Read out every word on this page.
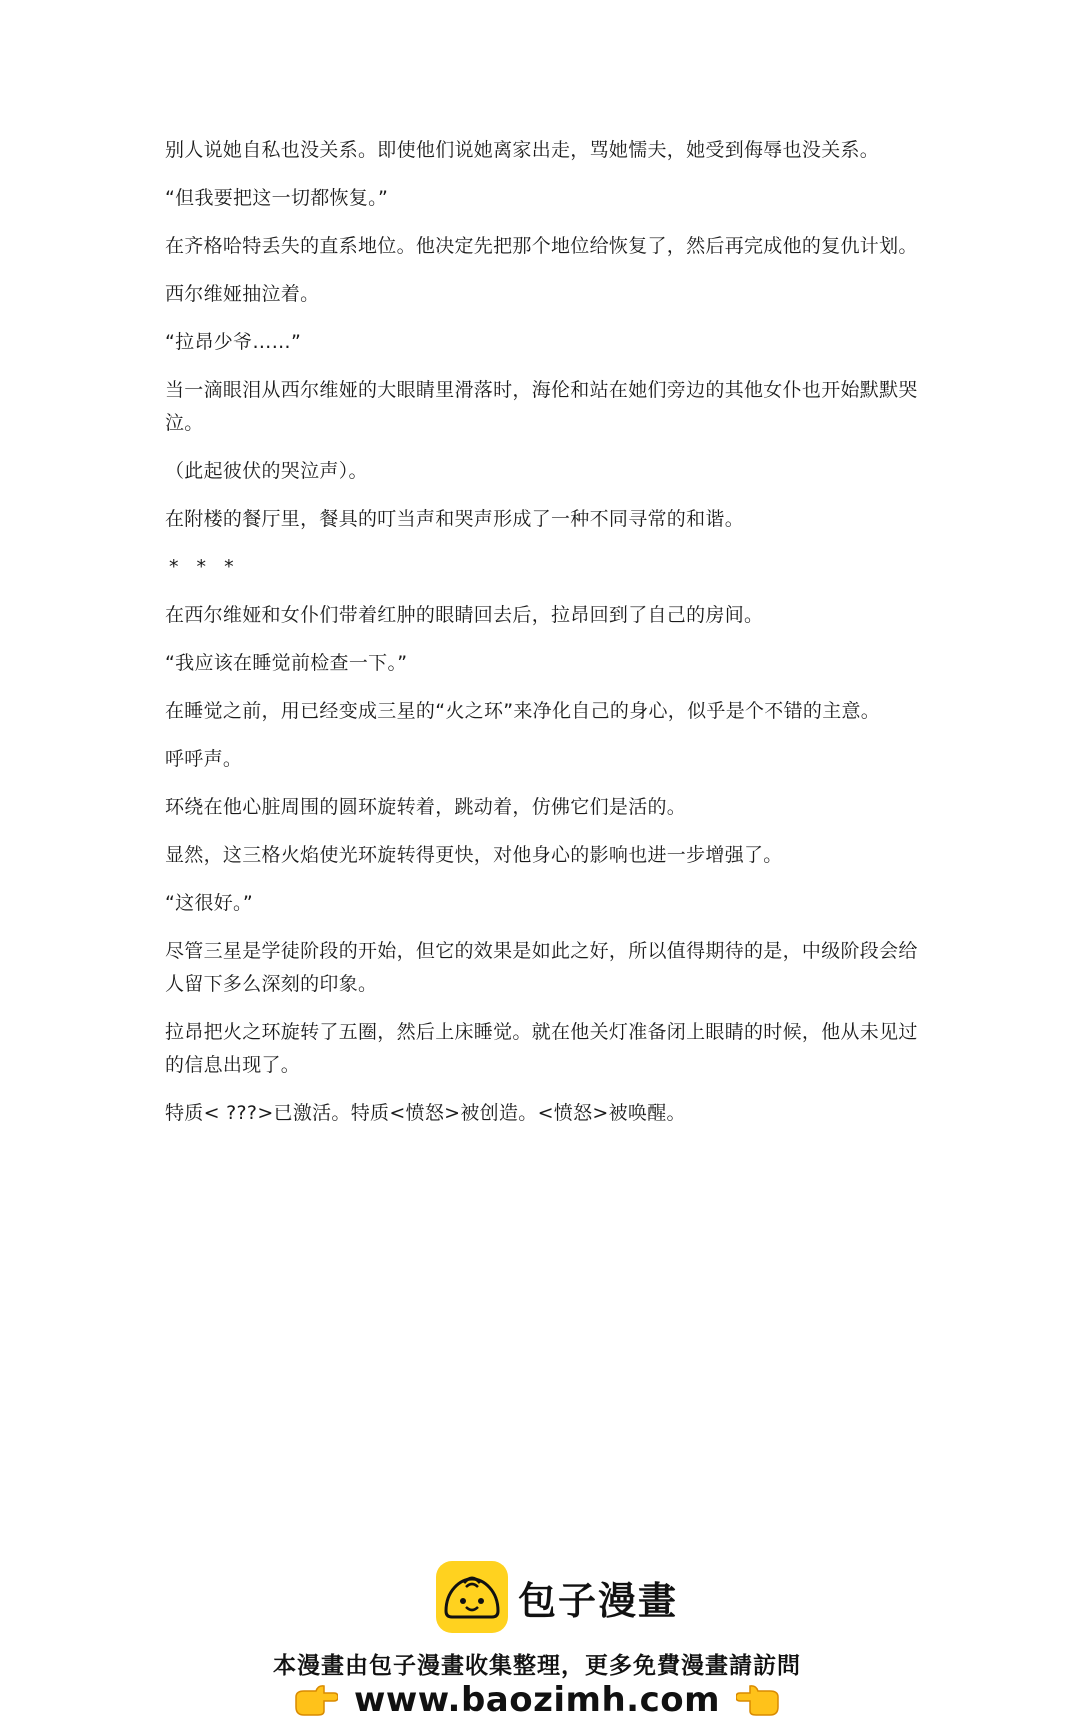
别人说她自私也没关系。即使他们说她离家出走，骂她懦夫，她受到侮辱也没关系。

“但我要把这一切都恢复。”

在齐格哈特丢失的直系地位。他决定先把那个地位给恢复了，然后再完成他的复仇计划。

西尔维娅抽泣着。

“拉昂少爷……”

当一滴眼泪从西尔维娅的大眼睛里滑落时，海伦和站在她们旁边的其他女仆也开始默默哭泣。

（此起彼伏的哭泣声）。

在附楼的餐厅里，餐具的叮当声和哭声形成了一种不同寻常的和谐。

* * *

在西尔维娅和女仆们带着红肿的眼睛回去后，拉昂回到了自己的房间。

“我应该在睡觉前检查一下。”

在睡觉之前，用已经变成三星的“火之环”来净化自己的身心，似乎是个不错的主意。

呼呼声。

环绕在他心脏周围的圆环旋转着，跳动着，仿佛它们是活的。

显然，这三格火焰使光环旋转得更快，对他身心的影响也进一步增强了。

“这很好。”

尽管三星是学徒阶段的开始，但它的效果是如此之好，所以值得期待的是，中级阶段会给人留下多么深刻的印象。

拉昂把火之环旋转了五圈，然后上床睡觉。就在他关灯准备闭上眼睛的时候，他从未见过的信息出现了。

特质< ???>已激活。特质<愤怒>被创造。<愤怒>被唤醒。

包子漫畫
本漫畫由包子漫畫收集整理，更多免費漫畫請訪問
www.baozimh.com
